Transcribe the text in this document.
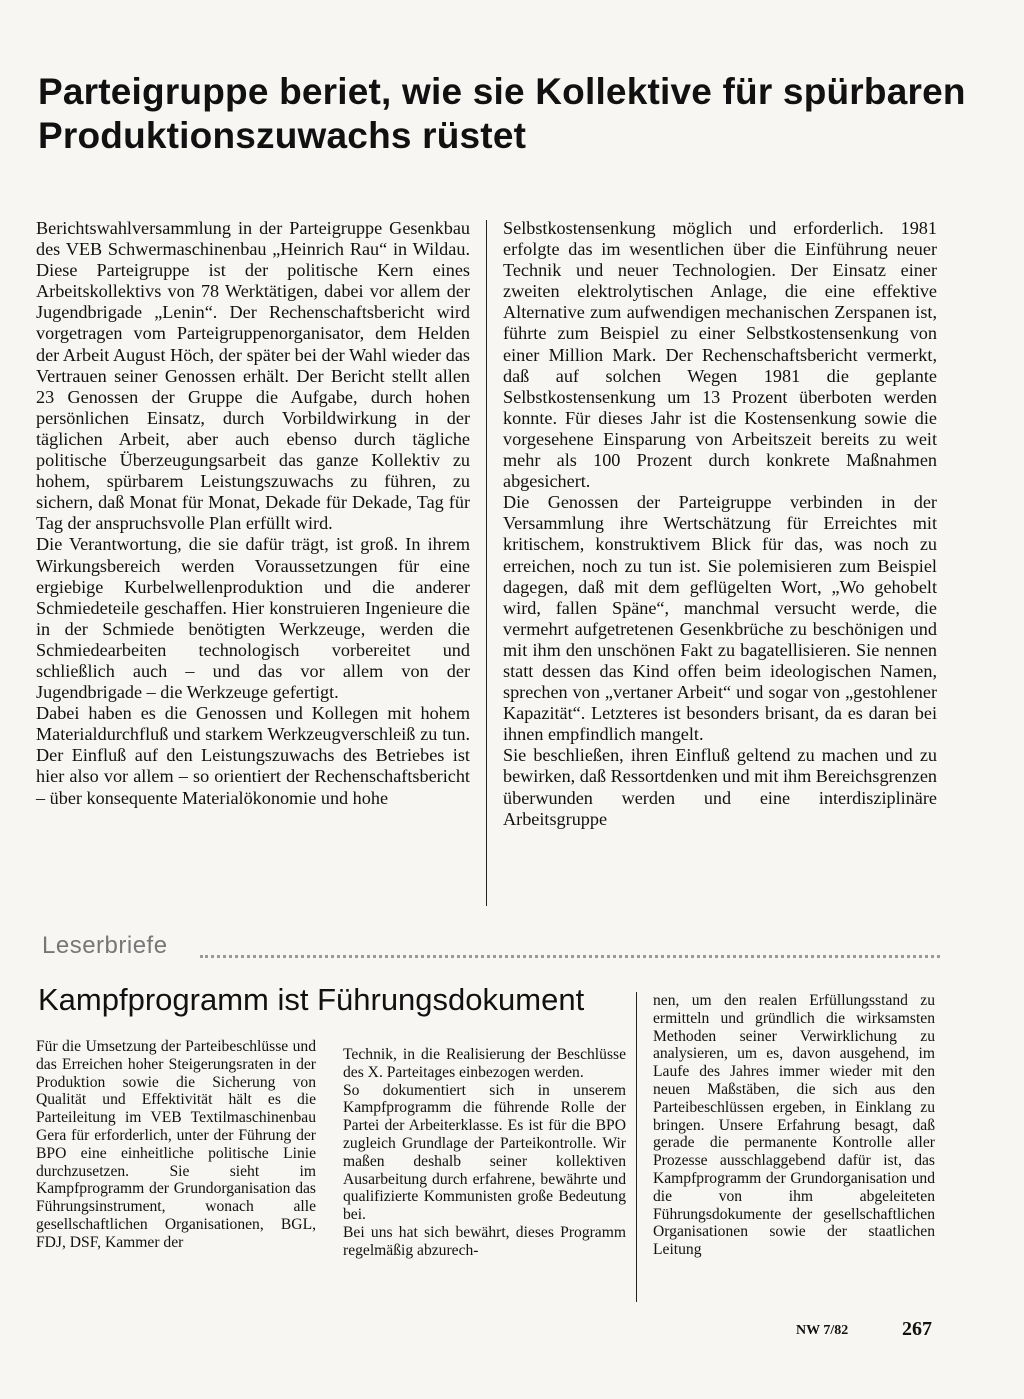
Parteigruppe beriet, wie sie Kollektive für spürbaren Produktionszuwachs rüstet

Berichtswahlversammlung in der Parteigruppe Gesenkbau des VEB Schwermaschinenbau „Heinrich Rau“ in Wildau. Diese Parteigruppe ist der politische Kern eines Arbeitskollektivs von 78 Werktätigen, dabei vor allem der Jugendbrigade „Lenin“. Der Rechenschaftsbericht wird vorgetragen vom Parteigruppenorganisator, dem Helden der Arbeit August Höch, der später bei der Wahl wieder das Vertrauen seiner Genossen erhält. Der Bericht stellt allen 23 Genossen der Gruppe die Aufgabe, durch hohen persönlichen Einsatz, durch Vorbildwirkung in der täglichen Arbeit, aber auch ebenso durch tägliche politische Überzeugungsarbeit das ganze Kollektiv zu hohem, spürbarem Leistungszuwachs zu führen, zu sichern, daß Monat für Monat, Dekade für Dekade, Tag für Tag der anspruchsvolle Plan erfüllt wird.

Die Verantwortung, die sie dafür trägt, ist groß. In ihrem Wirkungsbereich werden Voraussetzungen für eine ergiebige Kurbelwellenproduktion und die anderer Schmiedeteile geschaffen. Hier konstruieren Ingenieure die in der Schmiede benötigten Werkzeuge, werden die Schmiedearbeiten technologisch vorbereitet und schließlich auch – und das vor allem von der Jugendbrigade – die Werkzeuge gefertigt.

Dabei haben es die Genossen und Kollegen mit hohem Materialdurchfluß und starkem Werkzeugverschleiß zu tun. Der Einfluß auf den Leistungszuwachs des Betriebes ist hier also vor allem – so orientiert der Rechenschaftsbericht – über konsequente Materialökonomie und hohe

Selbstkostensenkung möglich und erforderlich. 1981 erfolgte das im wesentlichen über die Einführung neuer Technik und neuer Technologien. Der Einsatz einer zweiten elektrolytischen Anlage, die eine effektive Alternative zum aufwendigen mechanischen Zerspanen ist, führte zum Beispiel zu einer Selbstkostensenkung von einer Million Mark. Der Rechenschaftsbericht vermerkt, daß auf solchen Wegen 1981 die geplante Selbstkostensenkung um 13 Prozent überboten werden konnte. Für dieses Jahr ist die Kostensenkung sowie die vorgesehene Einsparung von Arbeitszeit bereits zu weit mehr als 100 Prozent durch konkrete Maßnahmen abgesichert.

Die Genossen der Parteigruppe verbinden in der Versammlung ihre Wertschätzung für Erreichtes mit kritischem, konstruktivem Blick für das, was noch zu erreichen, noch zu tun ist. Sie polemisieren zum Beispiel dagegen, daß mit dem geflügelten Wort, „Wo gehobelt wird, fallen Späne“, manchmal versucht werde, die vermehrt aufgetretenen Gesenkbrüche zu beschönigen und mit ihm den unschönen Fakt zu bagatellisieren. Sie nennen statt dessen das Kind offen beim ideologischen Namen, sprechen von „vertaner Arbeit“ und sogar von „gestohlener Kapazität“. Letzteres ist besonders brisant, da es daran bei ihnen empfindlich mangelt.

Sie beschließen, ihren Einfluß geltend zu machen und zu bewirken, daß Ressortdenken und mit ihm Bereichsgrenzen überwunden werden und eine interdisziplinäre Arbeitsgruppe

Leserbriefe
Kampfprogramm ist Führungsdokument

Für die Umsetzung der Parteibeschlüsse und das Erreichen hoher Steigerungsraten in der Produktion sowie die Sicherung von Qualität und Effektivität hält es die Parteileitung im VEB Textilmaschinenbau Gera für erforderlich, unter der Führung der BPO eine einheitliche politische Linie durchzusetzen. Sie sieht im Kampfprogramm der Grundorganisation das Führungsinstrument, wonach alle gesellschaftlichen Organisationen, BGL, FDJ, DSF, Kammer der

Technik, in die Realisierung der Beschlüsse des X. Parteitages einbezogen werden.

So dokumentiert sich in unserem Kampfprogramm die führende Rolle der Partei der Arbeiterklasse. Es ist für die BPO zugleich Grundlage der Parteikontrolle. Wir maßen deshalb seiner kollektiven Ausarbeitung durch erfahrene, bewährte und qualifizierte Kommunisten große Bedeutung bei.

Bei uns hat sich bewährt, dieses Programm regelmäßig abzurech-

nen, um den realen Erfüllungsstand zu ermitteln und gründlich die wirksamsten Methoden seiner Verwirklichung zu analysieren, um es, davon ausgehend, im Laufe des Jahres immer wieder mit den neuen Maßstäben, die sich aus den Parteibeschlüssen ergeben, in Einklang zu bringen. Unsere Erfahrung besagt, daß gerade die permanente Kontrolle aller Prozesse ausschlaggebend dafür ist, das Kampfprogramm der Grundorganisation und die von ihm abgeleiteten Führungsdokumente der gesellschaftlichen Organisationen sowie der staatlichen Leitung

NW 7/82	267
